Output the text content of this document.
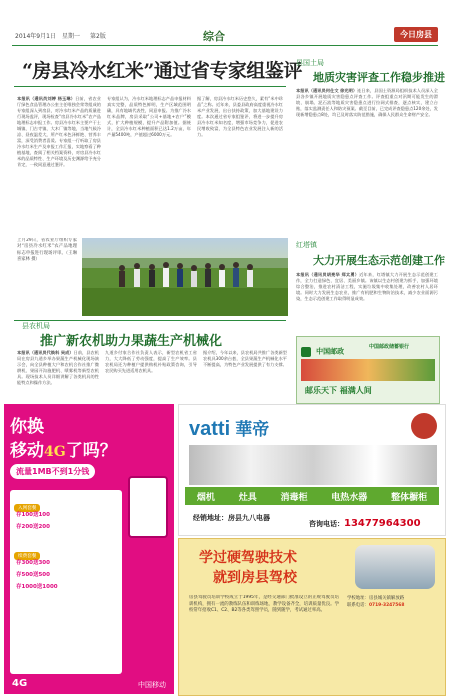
2014年9月1日 星期一 第2版	综合	今日房县
“房县冷水红米”通过省专家组鉴评
本报讯（通讯员刘婷 杨玉琳）日前，省农业厅绿色食品管理办公室主任唯独会荣等组成的专家组深入到房县，对冷水红米产品的质量进行现场监评，现场检查“房县冷水红米”农产品地理标志申报工作。房县冷水红米主要产于土城镇、门古寺镇、大木厂镇等地，当地气候冷凉、昼夜温差大，所产红米色泽鲜艳、营养丰富，深受消费者喜爱。专家组一行听取了房县冷水红米生产及申报工作汇报，实地察看了种植基地，查阅了相关档案资料，对房县冷水红米的品质特性、生产环境及历史渊源给予充分肯定，一致同意通过鉴评。
专家组认为，冷水红米地理标志产品申报材料真实完整，品质特色鲜明，生产区域范围明确，具有地域代表性，同意申报。为推广冷水红米品牌，房县采取“公司+基地+农户”模式，扩大种植规模，提升产品附加值。据统计，全县冷水红米种植面积已达1.2万亩，年产量5400吨，产值超过6000万元。
据了解，房县冷水红米历史悠久，素有“米中珍品”之称。近年来，县委县政府高度重视冷水红米产业发展，出台扶持政策，加大基地建设力度。本次通过省专家组鉴评，将进一步提升房县冷水红米知名度，增强市场竞争力，促进农民增收致富，为全县特色农业发展注入新的活力。
上月29日，省农业厅组织专家对“房县冷水红米”农产品地理标志申报进行现场评审。（王琳 喜家林 摄）
县国土局
地质灾害评查工作稳步推进
本报讯（通讯员何仕文 徐光明）连日来，县国土资源局组织技术人员深入全县各乡镇开展地质灾害隐患点评查工作。评查组重点对汛期可能发生的滑坡、崩塌、泥石流等地质灾害隐患点进行拉网式排查，逐点核实，建立台账，落实监测责任人和防灾预案。截至目前，已完成评查隐患点120余处，发现新增隐患点8处，均已及时落实防范措施，确保人民群众生命财产安全。
红塔镇
大力开展生态示范创建工作
本报讯（通讯员胡亮华 郑太勇）近年来，红塔镇大力开展生态示范创建工作，全力打造绿色、宜居、美丽乡镇。该镇以生态村创建为抓手，加强环境综合整治，推进农村清洁工程，实施垃圾集中收集处理，改善农村人居环境。同时大力发展生态农业，推广有机肥和生物防治技术，减少农业面源污染，生态示范创建工作取得明显成效。
县农机局
推广新农机助力果蔬生产机械化
本报讯（通讯员代焕科 吴成）日前，县农机局在房县九道乡举办果蔬生产机械化现场演示会，向全县种植大户和农机合作社推广微耕机、果园开沟施肥机、喷雾机等新型农机具。现场技术人员详细讲解了各类机具的性能特点和操作方法。
九道乡付家合作社负责人表示，新型农机省工省力，大大降低了劳动强度，提高了生产效率。县农机局还为种植户提供购机补贴政策咨询，引导农民购买先进适用农机具。
据介绍，今年以来，县农机局共推广各类新型农机具300余台套，全县果蔬生产机械化水平不断提高，为特色产业发展提供了有力支撑。
中国邮政
中国邮政储蓄银行
邮乐天下 福满人间
你换
移动4G了吗？
流量1MB不到1分钱
入网套餐
存100送100
存200送200
续费套餐
存300送300
存500送500
存1000送1000
4G	中国移动
vatti 華帝
烟机	灶具	消毒柜	电热水器	整体橱柜
经销地址：房县九八电器
咨询电话：13477964300
学过硬驾驶技术
就到房县驾校
房县驾驶员培训学校成立于1995年，是经交通部门批准设立的正规驾驶员培训机构，拥有一流的教练队伍和训练场地，教学设备齐全，培训质量优良。学校常年招收C1、C2、B2等各类驾照学员，随到随学，考试通过率高。
学校地址：房县城关镇解放路
联系电话：0719-3247568
